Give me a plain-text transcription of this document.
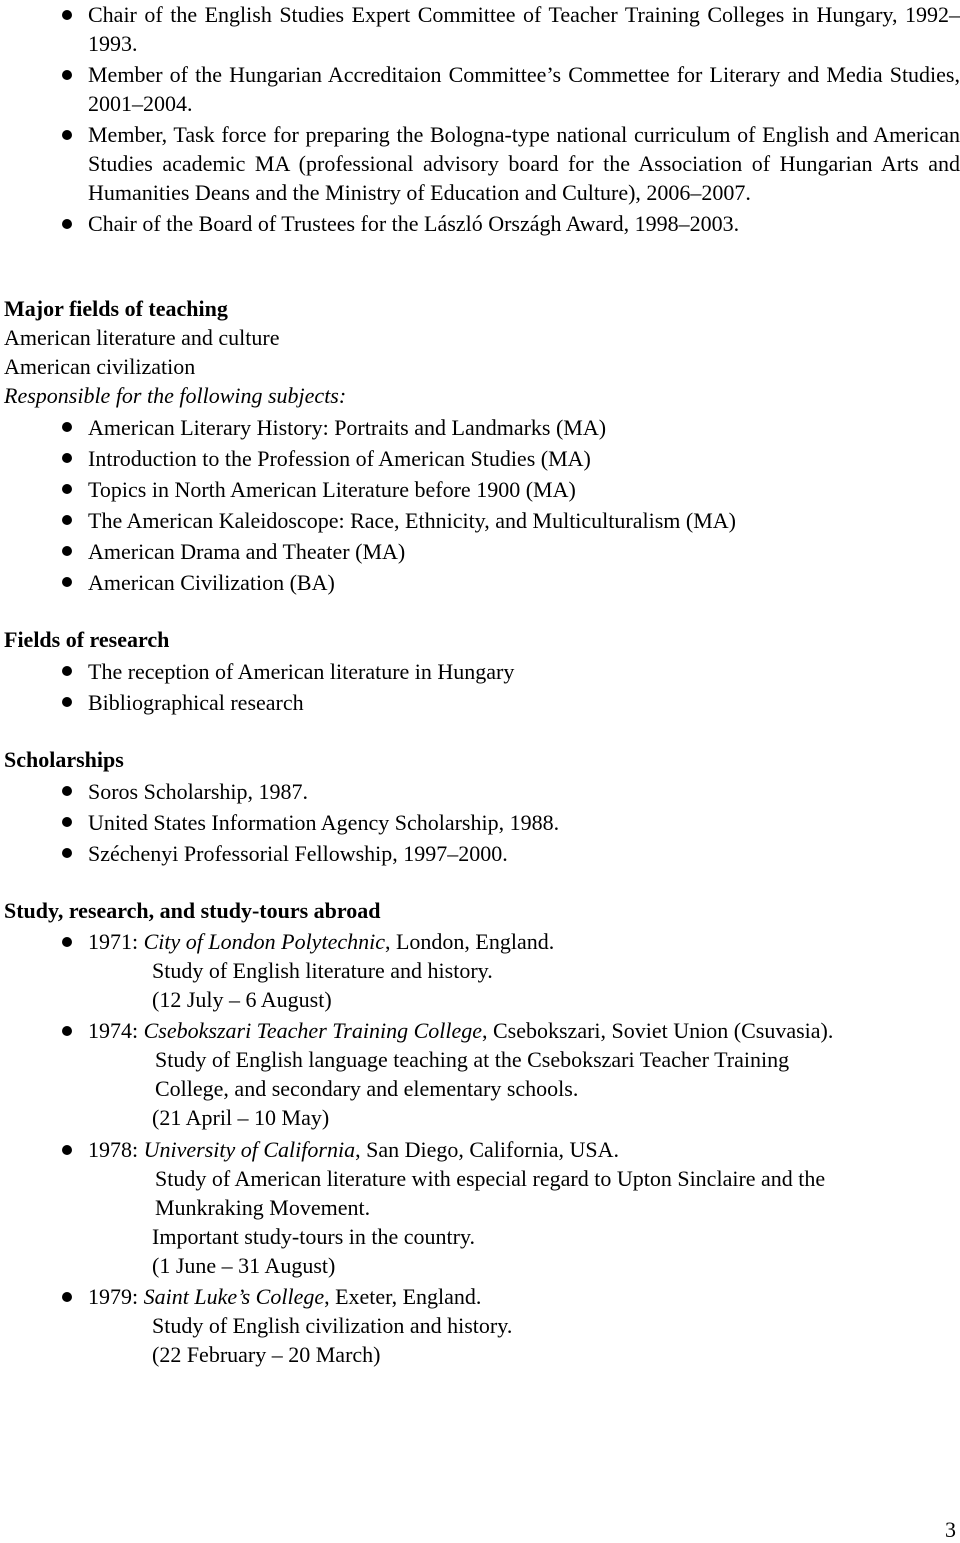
Chair of the English Studies Expert Committee of Teacher Training Colleges in Hungary, 1992–1993.
Member of the Hungarian Accreditaion Committee’s Commettee for Literary and Media Studies, 2001–2004.
Member, Task force for preparing the Bologna-type national curriculum of English and American Studies academic MA (professional advisory board for the Association of Hungarian Arts and Humanities Deans and the Ministry of Education and Culture), 2006–2007.
Chair of the Board of Trustees for the László Országh Award, 1998–2003.
Major fields of teaching
American literature and culture
American civilization
Responsible for the following subjects:
American Literary History: Portraits and Landmarks (MA)
Introduction to the Profession of American Studies (MA)
Topics in North American Literature before 1900 (MA)
The American Kaleidoscope: Race, Ethnicity, and Multiculturalism (MA)
American Drama and Theater (MA)
American Civilization (BA)
Fields of research
The reception of American literature in Hungary
Bibliographical research
Scholarships
Soros Scholarship, 1987.
United States Information Agency Scholarship, 1988.
Széchenyi Professorial Fellowship, 1997–2000.
Study, research, and study-tours abroad
1971: City of London Polytechnic, London, England.
Study of English literature and history.
(12 July – 6 August)
1974: Csebokszari Teacher Training College, Csebokszari, Soviet Union (Csuvasia).
Study of English language teaching at the Csebokszari Teacher Training
College, and secondary and elementary schools.
(21 April – 10 May)
1978: University of California, San Diego, California, USA.
Study of American literature with especial regard to Upton Sinclaire and the
Munkraking Movement.
Important study-tours in the country.
(1 June – 31 August)
1979: Saint Luke’s College, Exeter, England.
Study of English civilization and history.
(22 February – 20 March)
3
